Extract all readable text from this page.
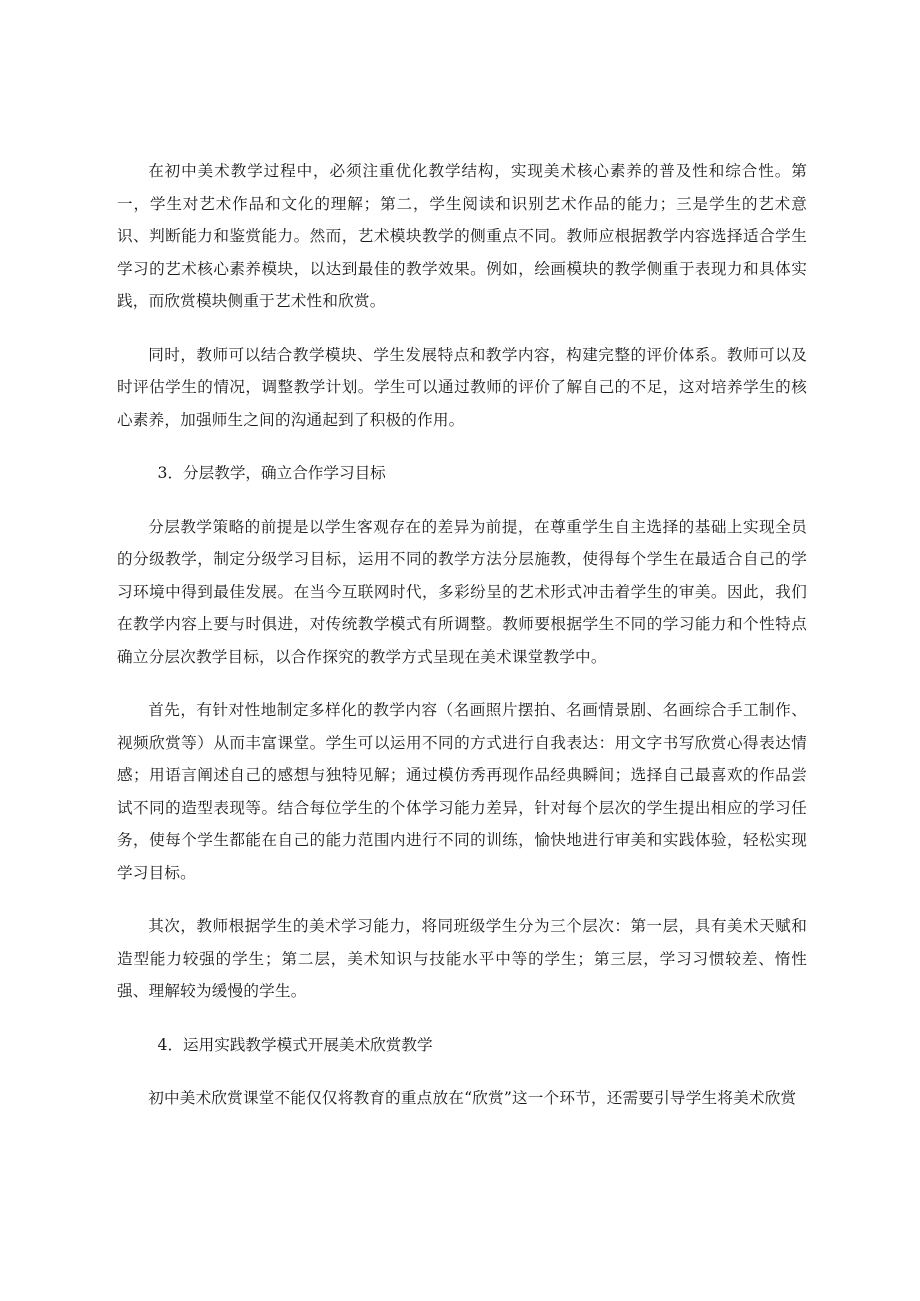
在初中美术教学过程中，必须注重优化教学结构，实现美术核心素养的普及性和综合性。第一，学生对艺术作品和文化的理解；第二，学生阅读和识别艺术作品的能力；三是学生的艺术意识、判断能力和鉴赏能力。然而，艺术模块教学的侧重点不同。教师应根据教学内容选择适合学生学习的艺术核心素养模块，以达到最佳的教学效果。例如，绘画模块的教学侧重于表现力和具体实践，而欣赏模块侧重于艺术性和欣赏。

同时，教师可以结合教学模块、学生发展特点和教学内容，构建完整的评价体系。教师可以及时评估学生的情况，调整教学计划。学生可以通过教师的评价了解自己的不足，这对培养学生的核心素养，加强师生之间的沟通起到了积极的作用。

3．分层教学，确立合作学习目标

分层教学策略的前提是以学生客观存在的差异为前提，在尊重学生自主选择的基础上实现全员的分级教学，制定分级学习目标，运用不同的教学方法分层施教，使得每个学生在最适合自己的学习环境中得到最佳发展。在当今互联网时代，多彩纷呈的艺术形式冲击着学生的审美。因此，我们在教学内容上要与时俱进，对传统教学模式有所调整。教师要根据学生不同的学习能力和个性特点确立分层次教学目标，以合作探究的教学方式呈现在美术课堂教学中。

首先，有针对性地制定多样化的教学内容（名画照片摆拍、名画情景剧、名画综合手工制作、视频欣赏等）从而丰富课堂。学生可以运用不同的方式进行自我表达：用文字书写欣赏心得表达情感；用语言阐述自己的感想与独特见解；通过模仿秀再现作品经典瞬间；选择自己最喜欢的作品尝试不同的造型表现等。结合每位学生的个体学习能力差异，针对每个层次的学生提出相应的学习任务，使每个学生都能在自己的能力范围内进行不同的训练，愉快地进行审美和实践体验，轻松实现学习目标。

其次，教师根据学生的美术学习能力，将同班级学生分为三个层次：第一层，具有美术天赋和造型能力较强的学生；第二层，美术知识与技能水平中等的学生；第三层，学习习惯较差、惰性强、理解较为缓慢的学生。

4．运用实践教学模式开展美术欣赏教学

初中美术欣赏课堂不能仅仅将教育的重点放在“欣赏”这一个环节，还需要引导学生将美术欣赏
